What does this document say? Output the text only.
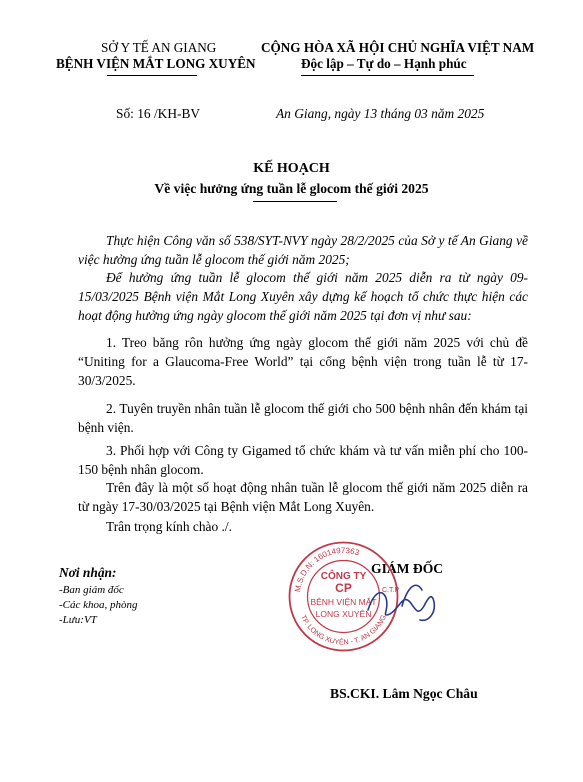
SỞ Y TẾ AN GIANG
BỆNH VIỆN MẮT LONG XUYÊN
CỘNG HÒA XÃ HỘI CHỦ NGHĨA VIỆT NAM
Độc lập – Tự do – Hạnh phúc
Số: 16 /KH-BV	An Giang, ngày 13 tháng 03 năm 2025
KẾ HOẠCH
Về việc hưởng ứng tuần lễ glocom thế giới 2025
Thực hiện Công văn số 538/SYT-NVY ngày 28/2/2025 của Sở y tế An Giang về việc hưởng ứng tuần lễ glocom thế giới năm 2025;
Để hưởng ứng tuần lễ glocom thế giới năm 2025 diễn ra từ ngày 09-15/03/2025 Bệnh viện Mắt Long Xuyên xây dựng kế hoạch tổ chức thực hiện các hoạt động hưởng ứng ngày glocom thế giới năm 2025 tại đơn vị như sau:
1. Treo băng rôn hưởng ứng ngày glocom thế giới năm 2025 với chủ đề “Uniting for a Glaucoma-Free World” tại cổng bệnh viện trong tuần lễ từ 17-30/3/2025.
2. Tuyên truyền nhân tuần lễ glocom thế giới cho 500 bệnh nhân đến khám tại bệnh viện.
3. Phối hợp với Công ty Gigamed tổ chức khám và tư vấn miễn phí cho 100-150 bệnh nhân glocom.
Trên đây là một số hoạt động nhân tuần lễ glocom thế giới năm 2025 diễn ra từ ngày 17-30/03/2025 tại Bệnh viện Mắt Long Xuyên.
Trân trọng kính chào ./.
Nơi nhận:
-Ban giám đốc
-Các khoa, phòng
-Lưu:VT
GIÁM ĐỐC
M.S.D.N: 1601497363
C.T.P
TP. LONG XUYÊN - T. AN GIANG
CÔNG TY
CP
BỆNH VIỆN MẮT
LONG XUYÊN
BS.CKI. Lâm Ngọc Châu
